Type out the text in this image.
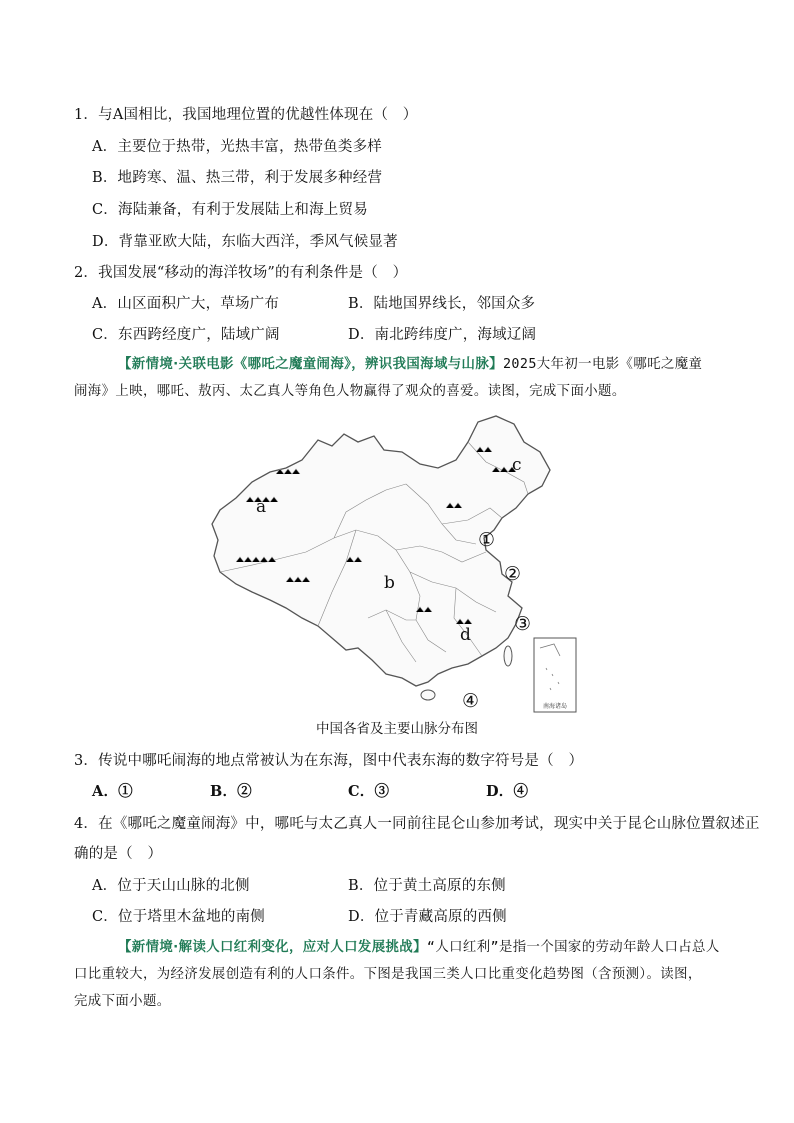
1．与A国相比，我国地理位置的优越性体现在（　）
A．主要位于热带，光热丰富，热带鱼类多样
B．地跨寒、温、热三带，利于发展多种经营
C．海陆兼备，有利于发展陆上和海上贸易
D．背靠亚欧大陆，东临大西洋，季风气候显著
2．我国发展“移动的海洋牧场”的有利条件是（　）
A．山区面积广大，草场广布	B．陆地国界线长，邻国众多
C．东西跨经度广，陆域广阔	D．南北跨纬度广，海域辽阔
【新情境·关联电影《哪吒之魔童闹海》，辨识我国海域与山脉】2025大年初一电影《哪吒之魔童
闹海》上映，哪吒、敖丙、太乙真人等角色人物赢得了观众的喜爱。读图，完成下面小题。
南海诸岛
a
b
c
d
①
②
③
④
中国各省及主要山脉分布图
3．传说中哪吒闹海的地点常被认为在东海，图中代表东海的数字符号是（　）
A．①	B．②	C．③	D．④
4．在《哪吒之魔童闹海》中，哪吒与太乙真人一同前往昆仑山参加考试，现实中关于昆仑山脉位置叙述正
确的是（　）
A．位于天山山脉的北侧	B．位于黄土高原的东侧
C．位于塔里木盆地的南侧	D．位于青藏高原的西侧
【新情境·解读人口红利变化，应对人口发展挑战】“人口红利”是指一个国家的劳动年龄人口占总人
口比重较大，为经济发展创造有利的人口条件。下图是我国三类人口比重变化趋势图（含预测）。读图，
完成下面小题。
